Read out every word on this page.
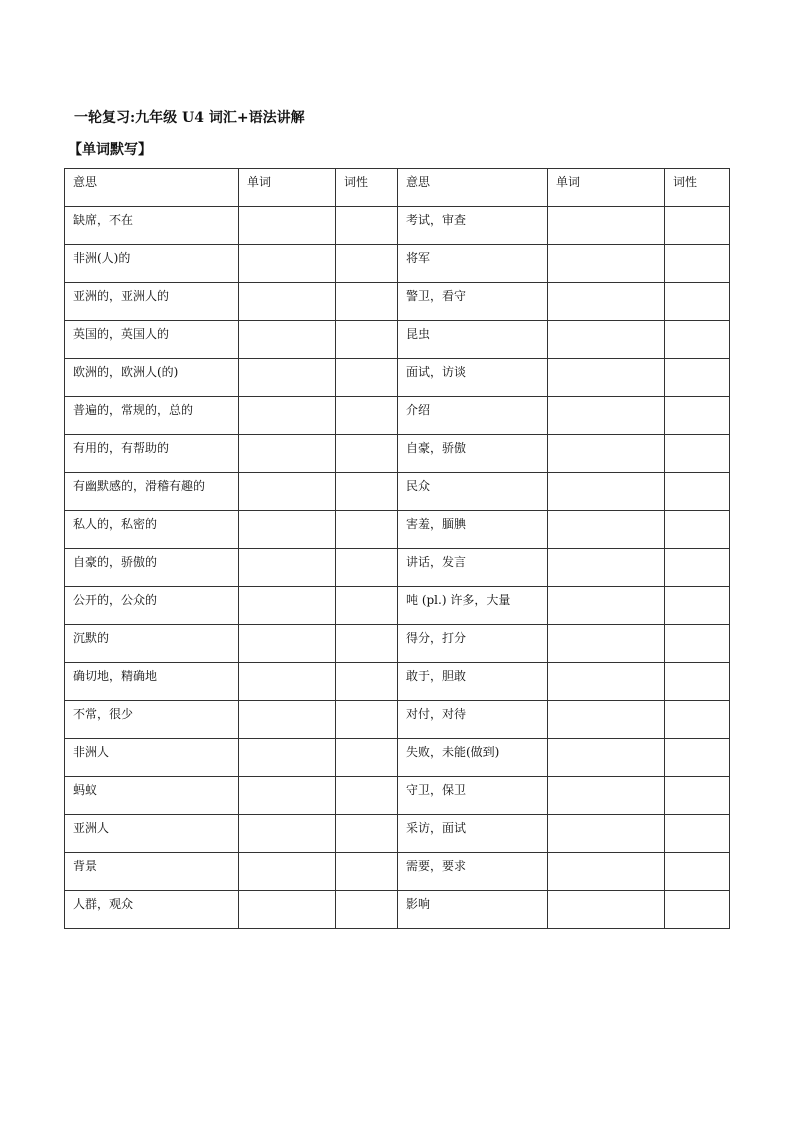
一轮复习:九年级 U4 词汇+语法讲解
【单词默写】
意思	单词	词性	意思	单词	词性
缺席，不在			考试，审查		
非洲(人)的			将军		
亚洲的，亚洲人的			警卫，看守		
英国的，英国人的			昆虫		
欧洲的，欧洲人(的)			面试，访谈		
普遍的，常规的，总的			介绍		
有用的，有帮助的			自豪，骄傲		
有幽默感的，滑稽有趣的			民众		
私人的，私密的			害羞，腼腆		
自豪的，骄傲的			讲话，发言		
公开的，公众的			吨 (pl.) 许多，大量		
沉默的			得分，打分		
确切地，精确地			敢于，胆敢		
不常，很少			对付，对待		
非洲人			失败，未能(做到)		
蚂蚁			守卫，保卫		
亚洲人			采访，面试		
背景			需要，要求		
人群，观众			影响		
